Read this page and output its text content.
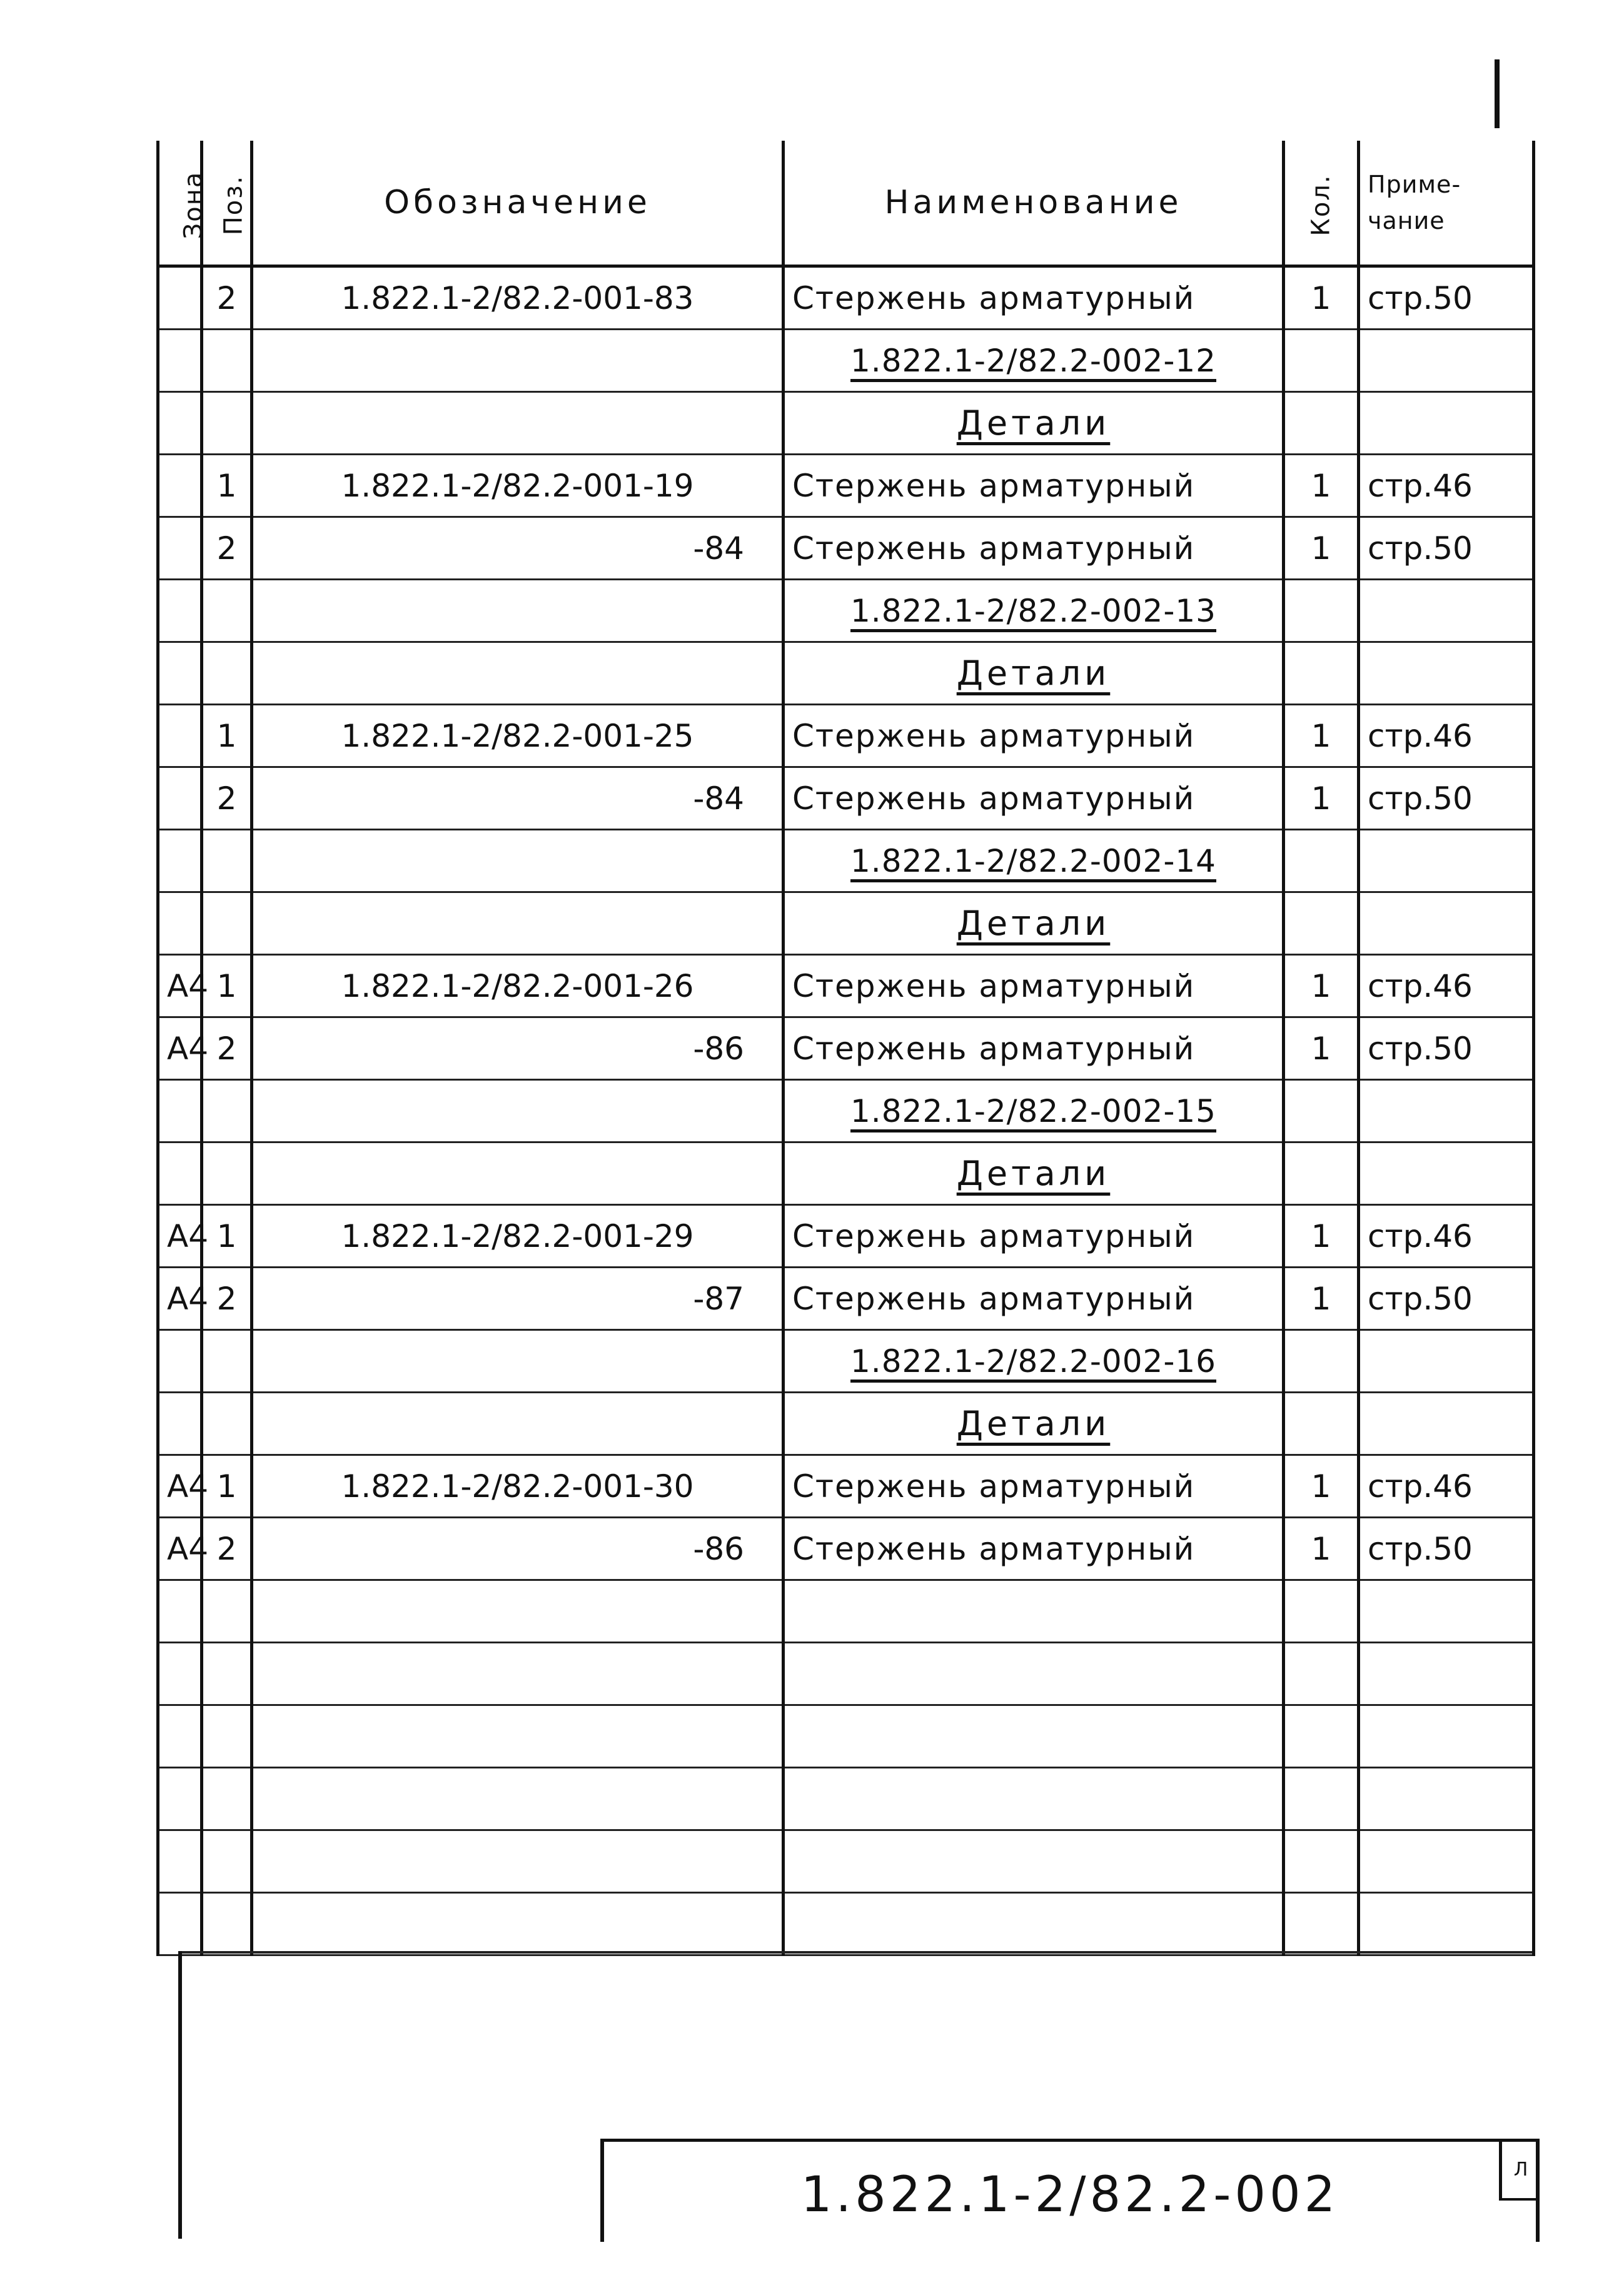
Зона	Поз.	Обозначение	Наименование	Кол.	Приме-
чание
	2	1.822.1-2/82.2-001-83	Стержень арматурный	1	стр.50
			1.822.1-2/82.2-002-12		
			Детали		
	1	1.822.1-2/82.2-001-19	Стержень арматурный	1	стр.46
	2	-84	Стержень арматурный	1	стр.50
			1.822.1-2/82.2-002-13		
			Детали		
	1	1.822.1-2/82.2-001-25	Стержень арматурный	1	стр.46
	2	-84	Стержень арматурный	1	стр.50
			1.822.1-2/82.2-002-14		
			Детали		
А4	1	1.822.1-2/82.2-001-26	Стержень арматурный	1	стр.46
А4	2	-86	Стержень арматурный	1	стр.50
			1.822.1-2/82.2-002-15		
			Детали		
А4	1	1.822.1-2/82.2-001-29	Стержень арматурный	1	стр.46
А4	2	-87	Стержень арматурный	1	стр.50
			1.822.1-2/82.2-002-16		
			Детали		
А4	1	1.822.1-2/82.2-001-30	Стержень арматурный	1	стр.46
А4	2	-86	Стержень арматурный	1	стр.50

1.822.1-2/82.2-002	Л
